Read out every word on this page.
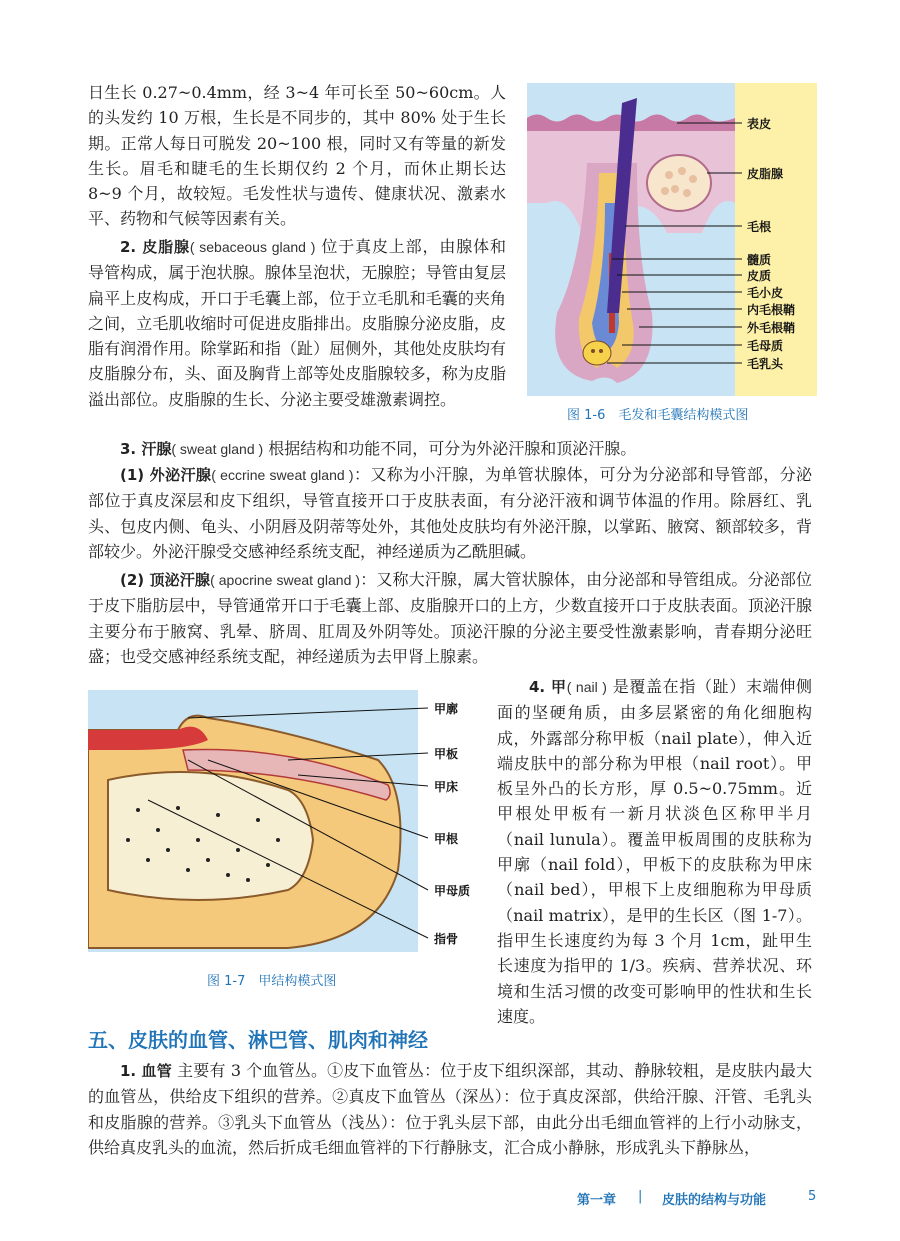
日生长 0.27~0.4mm，经 3~4 年可长至 50~60cm。人的头发约 10 万根，生长是不同步的，其中 80% 处于生长期。正常人每日可脱发 20~100 根，同时又有等量的新发生长。眉毛和睫毛的生长期仅约 2 个月，而休止期长达 8~9 个月，故较短。毛发性状与遗传、健康状况、激素水平、药物和气候等因素有关。

2. 皮脂腺( sebaceous gland ) 位于真皮上部，由腺体和导管构成，属于泡状腺。腺体呈泡状，无腺腔；导管由复层扁平上皮构成，开口于毛囊上部，位于立毛肌和毛囊的夹角之间，立毛肌收缩时可促进皮脂排出。皮脂腺分泌皮脂，皮脂有润滑作用。除掌跖和指（趾）屈侧外，其他处皮肤均有皮脂腺分布，头、面及胸背上部等处皮脂腺较多，称为皮脂溢出部位。皮脂腺的生长、分泌主要受雄激素调控。

表皮
皮脂腺
毛根
髓质
皮质
毛小皮
内毛根鞘
外毛根鞘
毛母质
毛乳头
图 1-6　毛发和毛囊结构模式图

3. 汗腺( sweat gland ) 根据结构和功能不同，可分为外泌汗腺和顶泌汗腺。

(1) 外泌汗腺( eccrine sweat gland )：又称为小汗腺，为单管状腺体，可分为分泌部和导管部，分泌部位于真皮深层和皮下组织，导管直接开口于皮肤表面，有分泌汗液和调节体温的作用。除唇红、乳头、包皮内侧、龟头、小阴唇及阴蒂等处外，其他处皮肤均有外泌汗腺，以掌跖、腋窝、额部较多，背部较少。外泌汗腺受交感神经系统支配，神经递质为乙酰胆碱。

(2) 顶泌汗腺( apocrine sweat gland )：又称大汗腺，属大管状腺体，由分泌部和导管组成。分泌部位于皮下脂肪层中，导管通常开口于毛囊上部、皮脂腺开口的上方，少数直接开口于皮肤表面。顶泌汗腺主要分布于腋窝、乳晕、脐周、肛周及外阴等处。顶泌汗腺的分泌主要受性激素影响，青春期分泌旺盛；也受交感神经系统支配，神经递质为去甲肾上腺素。

甲廓
甲板
甲床
甲根
甲母质
指骨
图 1-7　甲结构模式图

4. 甲( nail ) 是覆盖在指（趾）末端伸侧面的坚硬角质，由多层紧密的角化细胞构成，外露部分称甲板（nail plate），伸入近端皮肤中的部分称为甲根（nail root）。甲板呈外凸的长方形，厚 0.5~0.75mm。近甲根处甲板有一新月状淡色区称甲半月（nail lunula）。覆盖甲板周围的皮肤称为甲廓（nail fold），甲板下的皮肤称为甲床（nail bed），甲根下上皮细胞称为甲母质（nail matrix），是甲的生长区（图 1-7）。指甲生长速度约为每 3 个月 1cm，趾甲生长速度为指甲的 1/3。疾病、营养状况、环境和生活习惯的改变可影响甲的性状和生长速度。

五、皮肤的血管、淋巴管、肌肉和神经

1. 血管 主要有 3 个血管丛。①皮下血管丛：位于皮下组织深部，其动、静脉较粗，是皮肤内最大的血管丛，供给皮下组织的营养。②真皮下血管丛（深丛）：位于真皮深部，供给汗腺、汗管、毛乳头和皮脂腺的营养。③乳头下血管丛（浅丛）：位于乳头层下部，由此分出毛细血管袢的上行小动脉支，供给真皮乳头的血流，然后折成毛细血管袢的下行静脉支，汇合成小静脉，形成乳头下静脉丛，

第一章 | 皮肤的结构与功能	5
